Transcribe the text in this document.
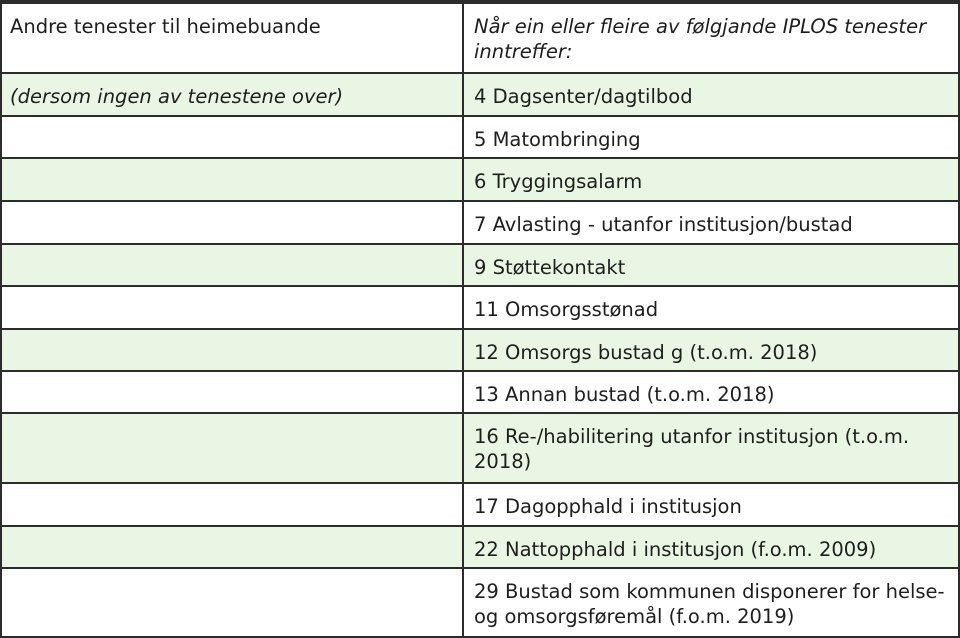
Andre tenester til heimebuande	Når ein eller fleire av følgjande IPLOS tenester inntreffer:
(dersom ingen av tenestene over)	4 Dagsenter/dagtilbod
5 Matombringing
6 Tryggingsalarm
7 Avlasting - utanfor institusjon/bustad
9 Støttekontakt
11 Omsorgsstønad
12 Omsorgs bustad g (t.o.m. 2018)
13 Annan bustad (t.o.m. 2018)
16 Re-/habilitering utanfor institusjon (t.o.m. 2018)
17 Dagopphald i institusjon
22 Nattopphald i institusjon (f.o.m. 2009)
29 Bustad som kommunen disponerer for helse- og omsorgsføremål (f.o.m. 2019)
